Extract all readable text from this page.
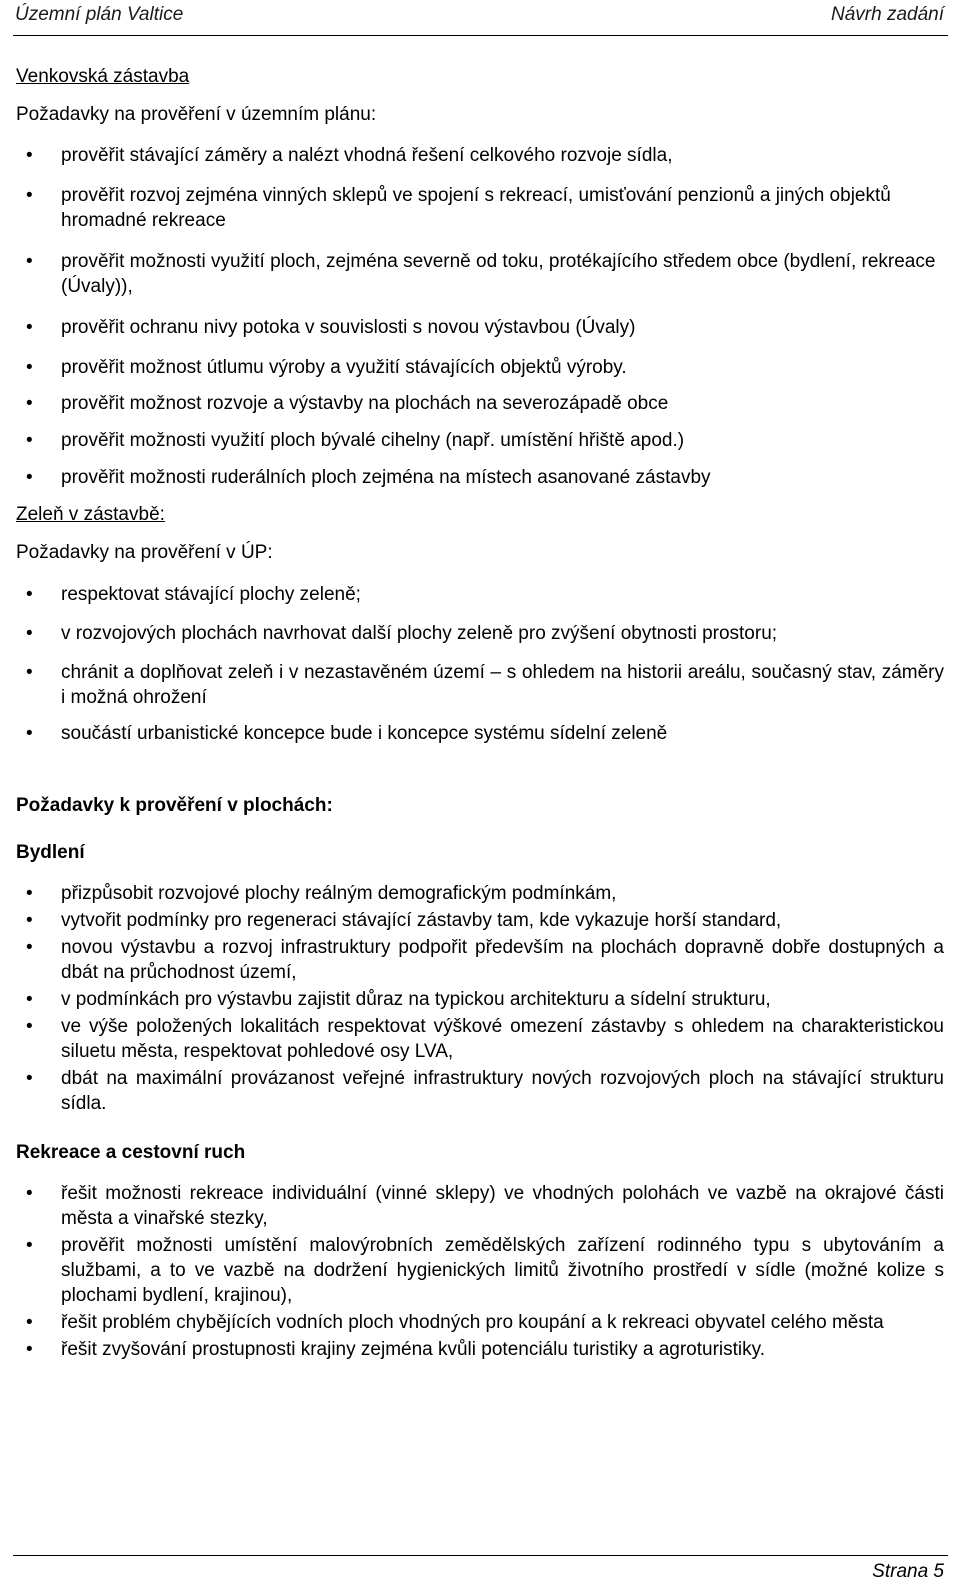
Územní plán Valtice	Návrh zadání

Venkovská zástavba

Požadavky na prověření v územním plánu:

• prověřit stávající záměry a nalézt vhodná řešení celkového rozvoje sídla,
• prověřit rozvoj zejména vinných sklepů ve spojení s rekreací, umisťování penzionů a jiných objektů hromadné rekreace
• prověřit možnosti využití ploch, zejména severně od toku, protékajícího středem obce (bydlení, rekreace (Úvaly)),
• prověřit ochranu nivy potoka v souvislosti s novou výstavbou (Úvaly)
• prověřit možnost útlumu výroby a využití stávajících objektů výroby.
• prověřit možnost rozvoje a výstavby na plochách na severozápadě obce
• prověřit možnosti využití ploch bývalé cihelny (např. umístění hřiště apod.)
• prověřit možnosti ruderálních ploch zejména na místech asanované zástavby

Zeleň v zástavbě:

Požadavky na prověření v ÚP:

• respektovat stávající plochy zeleně;
• v rozvojových plochách navrhovat další plochy zeleně pro zvýšení obytnosti prostoru;
• chránit a doplňovat zeleň i v nezastavěném území – s ohledem na historii areálu, současný stav, záměry i možná ohrožení
• součástí urbanistické koncepce bude i koncepce systému sídelní zeleně

Požadavky k prověření v plochách:

Bydlení

• přizpůsobit rozvojové plochy reálným demografickým podmínkám,
• vytvořit podmínky pro regeneraci stávající zástavby tam, kde vykazuje horší standard,
• novou výstavbu a rozvoj infrastruktury podpořit především na plochách dopravně dobře dostupných a dbát na průchodnost území,
• v podmínkách pro výstavbu zajistit důraz na typickou architekturu a sídelní strukturu,
• ve výše položených lokalitách respektovat výškové omezení zástavby s ohledem na charakteristickou siluetu města, respektovat pohledové osy LVA,
• dbát na maximální provázanost veřejné infrastruktury nových rozvojových ploch na stávající strukturu sídla.

Rekreace a cestovní ruch

• řešit možnosti rekreace individuální (vinné sklepy) ve vhodných polohách ve vazbě na okrajové části města a vinařské stezky,
• prověřit možnosti umístění malovýrobních zemědělských zařízení rodinného typu s ubytováním a službami, a to ve vazbě na dodržení hygienických limitů životního prostředí v sídle (možné kolize s plochami bydlení, krajinou),
• řešit problém chybějících vodních ploch vhodných pro koupání a k rekreaci obyvatel celého města
• řešit zvyšování prostupnosti krajiny zejména kvůli potenciálu turistiky a agroturistiky.
Strana 5
